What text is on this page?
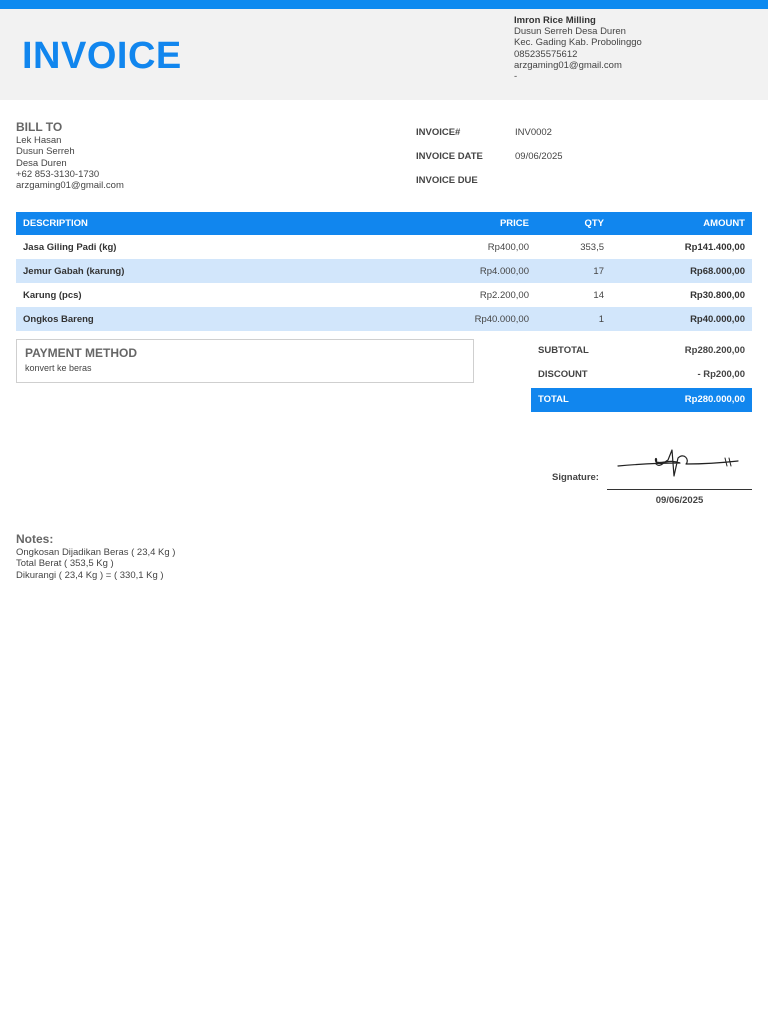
INVOICE
Imron Rice Milling
Dusun Serreh Desa Duren
Kec. Gading Kab. Probolinggo
085235575612
arzgaming01@gmail.com
-
BILL TO
Lek Hasan
Dusun Serreh
Desa Duren
+62 853-3130-1730
arzgaming01@gmail.com
INVOICE#	INV0002
INVOICE DATE	09/06/2025
INVOICE DUE
DESCRIPTION	PRICE	QTY	AMOUNT
Jasa Giling Padi (kg)	Rp400,00	353,5	Rp141.400,00
Jemur Gabah (karung)	Rp4.000,00	17	Rp68.000,00
Karung (pcs)	Rp2.200,00	14	Rp30.800,00
Ongkos Bareng	Rp40.000,00	1	Rp40.000,00
PAYMENT METHOD
konvert ke beras
SUBTOTAL	Rp280.200,00
DISCOUNT	- Rp200,00
TOTAL	Rp280.000,00
Signature:
09/06/2025
Notes:
Ongkosan Dijadikan Beras ( 23,4 Kg )
Total Berat ( 353,5 Kg )
Dikurangi ( 23,4 Kg ) = ( 330,1 Kg )
